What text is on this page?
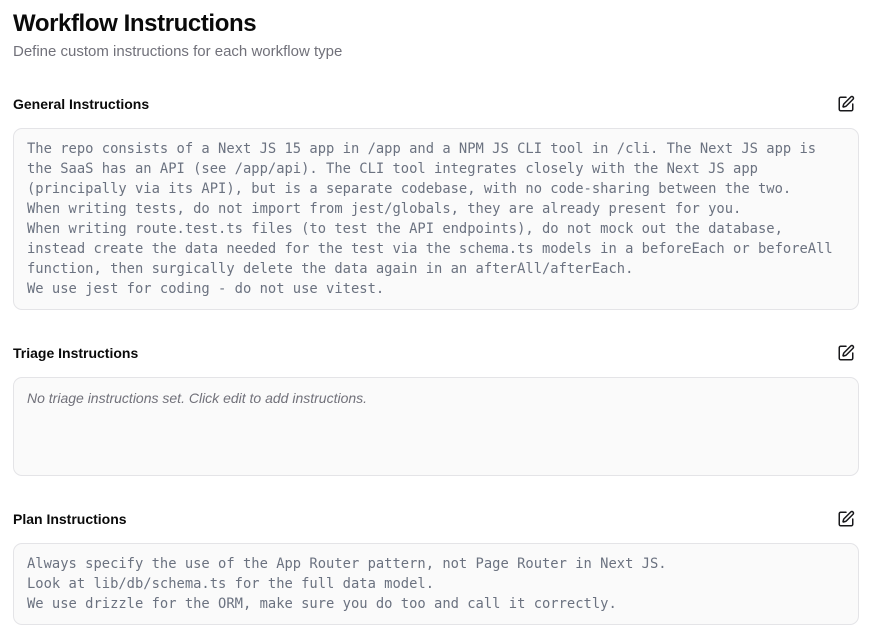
Workflow Instructions

Define custom instructions for each workflow type

General Instructions
The repo consists of a Next JS 15 app in /app and a NPM JS CLI tool in /cli. The Next JS app is
the SaaS has an API (see /app/api). The CLI tool integrates closely with the Next JS app
(principally via its API), but is a separate codebase, with no code-sharing between the two.
When writing tests, do not import from jest/globals, they are already present for you.
When writing route.test.ts files (to test the API endpoints), do not mock out the database,
instead create the data needed for the test via the schema.ts models in a beforeEach or beforeAll
function, then surgically delete the data again in an afterAll/afterEach.
We use jest for coding - do not use vitest.
Triage Instructions
No triage instructions set. Click edit to add instructions.
Plan Instructions
Always specify the use of the App Router pattern, not Page Router in Next JS.
Look at lib/db/schema.ts for the full data model.
We use drizzle for the ORM, make sure you do too and call it correctly.
